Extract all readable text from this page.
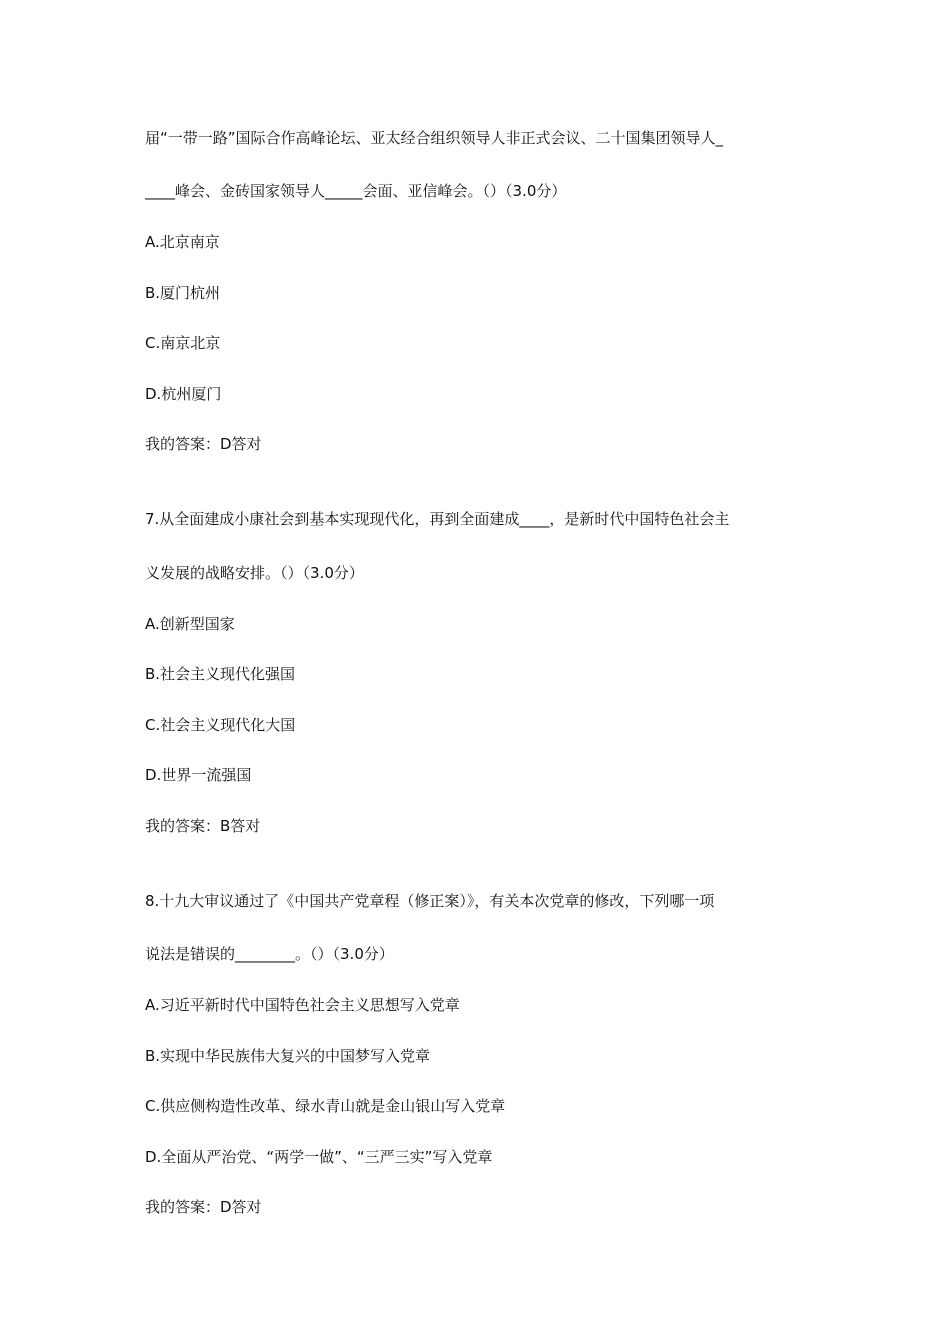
届“一带一路”国际合作高峰论坛、亚太经合组织领导人非正式会议、二十国集团领导人_
____峰会、金砖国家领导人_____会面、亚信峰会。（）（3.0分）
A.北京南京
B.厦门杭州
C.南京北京
D.杭州厦门
我的答案：D答对
7.从全面建成小康社会到基本实现现代化，再到全面建成____，是新时代中国特色社会主
义发展的战略安排。（）（3.0分）
A.创新型国家
B.社会主义现代化强国
C.社会主义现代化大国
D.世界一流强国
我的答案：B答对
8.十九大审议通过了《中国共产党章程（修正案）》，有关本次党章的修改，下列哪一项
说法是错误的________。（）（3.0分）
A.习近平新时代中国特色社会主义思想写入党章
B.实现中华民族伟大复兴的中国梦写入党章
C.供应侧构造性改革、绿水青山就是金山银山写入党章
D.全面从严治党、“两学一做”、“三严三实”写入党章
我的答案：D答对
